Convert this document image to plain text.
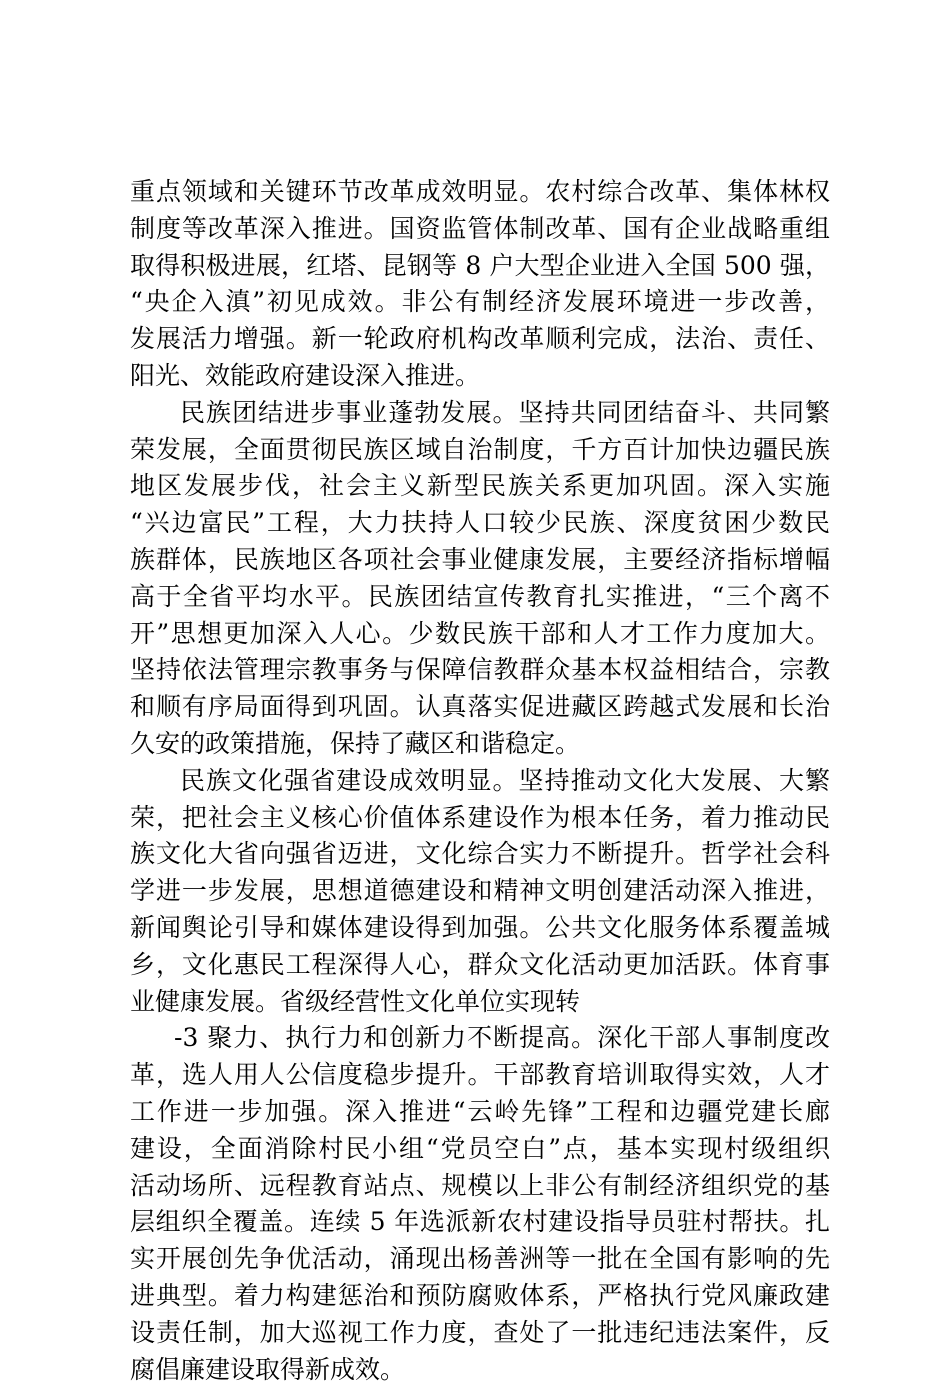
重点领域和关键环节改革成效明显。农村综合改革、集体林权
制度等改革深入推进。国资监管体制改革、国有企业战略重组
取得积极进展，红塔、昆钢等 8 户大型企业进入全国 500 强，
“央企入滇”初见成效。非公有制经济发展环境进一步改善，
发展活力增强。新一轮政府机构改革顺利完成，法治、责任、
阳光、效能政府建设深入推进。
民族团结进步事业蓬勃发展。坚持共同团结奋斗、共同繁
荣发展，全面贯彻民族区域自治制度，千方百计加快边疆民族
地区发展步伐，社会主义新型民族关系更加巩固。深入实施
“兴边富民”工程，大力扶持人口较少民族、深度贫困少数民
族群体，民族地区各项社会事业健康发展，主要经济指标增幅
高于全省平均水平。民族团结宣传教育扎实推进，“三个离不
开”思想更加深入人心。少数民族干部和人才工作力度加大。
坚持依法管理宗教事务与保障信教群众基本权益相结合，宗教
和顺有序局面得到巩固。认真落实促进藏区跨越式发展和长治
久安的政策措施，保持了藏区和谐稳定。
民族文化强省建设成效明显。坚持推动文化大发展、大繁
荣，把社会主义核心价值体系建设作为根本任务，着力推动民
族文化大省向强省迈进，文化综合实力不断提升。哲学社会科
学进一步发展，思想道德建设和精神文明创建活动深入推进，
新闻舆论引导和媒体建设得到加强。公共文化服务体系覆盖城
乡，文化惠民工程深得人心，群众文化活动更加活跃。体育事
业健康发展。省级经营性文化单位实现转
-3 聚力、执行力和创新力不断提高。深化干部人事制度改
革，选人用人公信度稳步提升。干部教育培训取得实效，人才
工作进一步加强。深入推进“云岭先锋”工程和边疆党建长廊
建设，全面消除村民小组“党员空白”点，基本实现村级组织
活动场所、远程教育站点、规模以上非公有制经济组织党的基
层组织全覆盖。连续 5 年选派新农村建设指导员驻村帮扶。扎
实开展创先争优活动，涌现出杨善洲等一批在全国有影响的先
进典型。着力构建惩治和预防腐败体系，严格执行党风廉政建
设责任制，加大巡视工作力度，查处了一批违纪违法案件，反
腐倡廉建设取得新成效。
